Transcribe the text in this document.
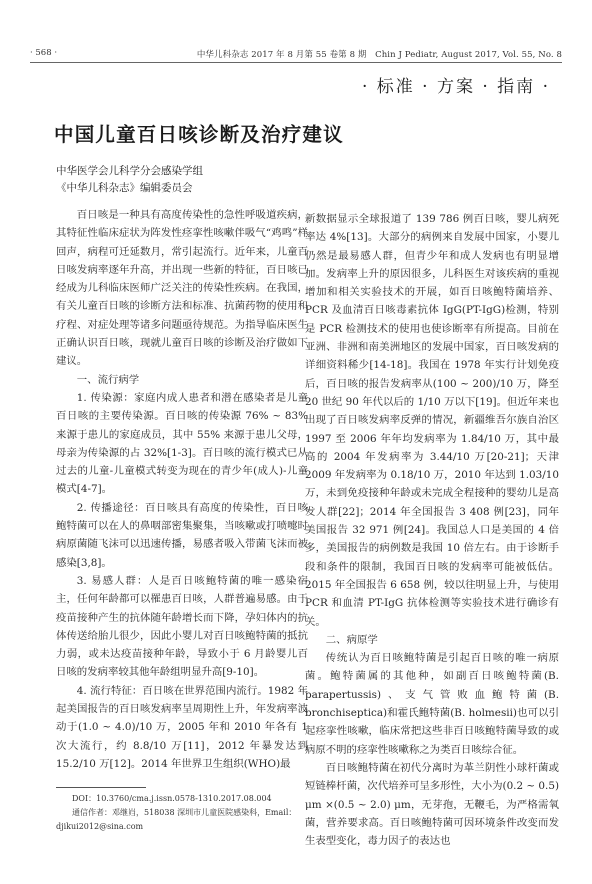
· 568 ·	中华儿科杂志 2017 年 8 月第 55 卷第 8 期　Chin J Pediatr, August 2017, Vol. 55, No. 8
· 标准 · 方案 · 指南 ·
中国儿童百日咳诊断及治疗建议
中华医学会儿科学分会感染学组
《中华儿科杂志》编辑委员会

百日咳是一种具有高度传染性的急性呼吸道疾病，其特征性临床症状为阵发性痉挛性咳嗽伴吸气“鸡鸣”样回声，病程可迁延数月，常引起流行。近年来，儿童百日咳发病率逐年升高，并出现一些新的特征，百日咳已经成为儿科临床医师广泛关注的传染性疾病。在我国，有关儿童百日咳的诊断方法和标准、抗菌药物的使用和疗程、对症处理等诸多问题亟待规范。为指导临床医生正确认识百日咳，现就儿童百日咳的诊断及治疗做如下建议。

一、流行病学

1. 传染源：家庭内成人患者和潜在感染者是儿童百日咳的主要传染源。百日咳的传染源 76% ~ 83% 来源于患儿的家庭成员，其中 55% 来源于患儿父母，母亲为传染源的占 32%[1-3]。百日咳的流行模式已从过去的儿童-儿童模式转变为现在的青少年(成人)-儿童模式[4-7]。

2. 传播途径：百日咳具有高度的传染性，百日咳鲍特菌可以在人的鼻咽部密集聚集，当咳嗽或打喷嚏时病原菌随飞沫可以迅速传播，易感者吸入带菌飞沫而被感染[3,8]。

3. 易感人群：人是百日咳鲍特菌的唯一感染宿主，任何年龄都可以罹患百日咳，人群普遍易感。由于疫苗接种产生的抗体随年龄增长而下降，孕妇体内的抗体传送给胎儿很少，因此小婴儿对百日咳鲍特菌的抵抗力弱，或未达疫苗接种年龄，导致小于 6 月龄婴儿百日咳的发病率较其他年龄组明显升高[9-10]。

4. 流行特征：百日咳在世界范围内流行。1982 年起美国报告的百日咳发病率呈周期性上升，年发病率波动于(1.0 ~ 4.0)/10 万，2005 年和 2010 年各有 1 次大流行，约 8.8/10 万[11]，2012 年暴发达到 15.2/10 万[12]。2014 年世界卫生组织(WHO)最

新数据显示全球报道了 139 786 例百日咳，婴儿病死率达 4%[13]。大部分的病例来自发展中国家，小婴儿仍然是最易感人群，但青少年和成人发病也有明显增加。发病率上升的原因很多，儿科医生对该疾病的重视增加和相关实验技术的开展，如百日咳鲍特菌培养、PCR 及血清百日咳毒素抗体 IgG(PT-IgG)检测，特别是 PCR 检测技术的使用也使诊断率有所提高。目前在亚洲、非洲和南美洲地区的发展中国家，百日咳发病的详细资料稀少[14-18]。我国在 1978 年实行计划免疫后，百日咳的报告发病率从(100 ~ 200)/10 万，降至 20 世纪 90 年代以后的 1/10 万以下[19]。但近年来也出现了百日咳发病率反弹的情况，新疆维吾尔族自治区 1997 至 2006 年年均发病率为 1.84/10 万，其中最高的 2004 年发病率为 3.44/10 万[20-21]；天津 2009 年发病率为 0.18/10 万，2010 年达到 1.03/10 万，未到免疫接种年龄或未完成全程接种的婴幼儿是高发人群[22]；2014 年全国报告 3 408 例[23]，同年美国报告 32 971 例[24]。我国总人口是美国的 4 倍多，美国报告的病例数是我国 10 倍左右。由于诊断手段和条件的限制，我国百日咳的发病率可能被低估。2015 年全国报告 6 658 例，较以往明显上升，与使用 PCR 和血清 PT-IgG 抗体检测等实验技术进行确诊有关。

二、病原学

传统认为百日咳鲍特菌是引起百日咳的唯一病原菌。鲍特菌属的其他种，如副百日咳鲍特菌(B. parapertussis)、支气管败血鲍特菌(B. bronchiseptica)和霍氏鲍特菌(B. holmesii)也可以引起痉挛性咳嗽，临床常把这些非百日咳鲍特菌导致的或病原不明的痉挛性咳嗽称之为类百日咳综合征。

百日咳鲍特菌在初代分离时为革兰阴性小球杆菌或短链棒杆菌，次代培养可呈多形性，大小为(0.2 ~ 0.5) μm ×(0.5 ~ 2.0) μm，无芽孢，无鞭毛，为严格需氧菌，营养要求高。百日咳鲍特菌可因环境条件改变而发生表型变化，毒力因子的表达也

DOI：10.3760/cma.j.issn.0578-1310.2017.08.004

通信作者：邓继岿，518038 深圳市儿童医院感染科，Email：djikui2012@sina.com
